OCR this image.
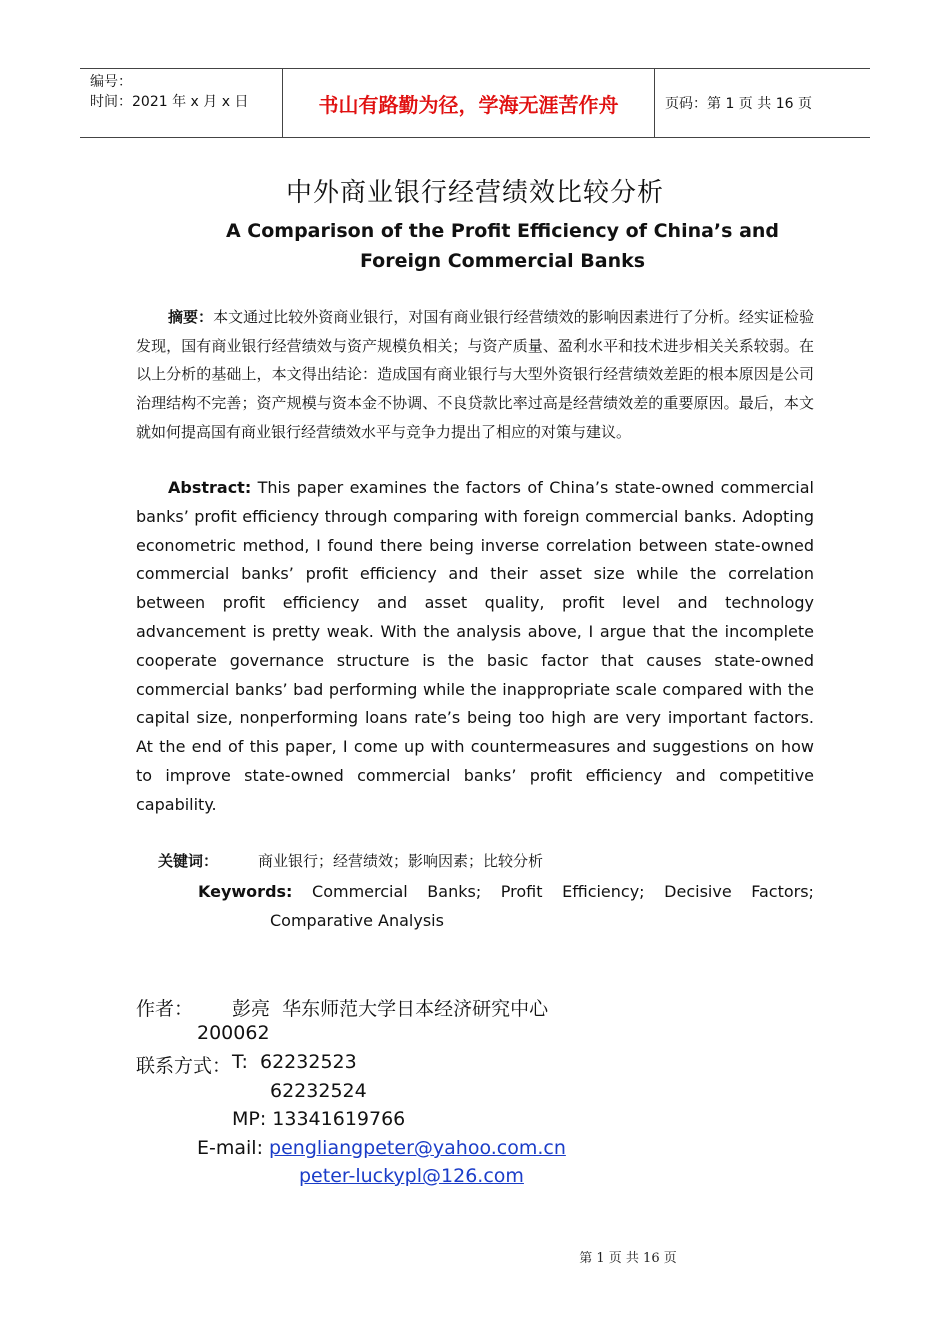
编号：
时间：2021 年 x 月 x 日	书山有路勤为径，学海无涯苦作舟	页码：第 1 页 共 16 页
中外商业银行经营绩效比较分析
A Comparison of the Profit Efficiency of China’s and
Foreign Commercial Banks
摘要：本文通过比较外资商业银行，对国有商业银行经营绩效的影响因素进行了分析。经实证检验发现，国有商业银行经营绩效与资产规模负相关；与资产质量、盈利水平和技术进步相关关系较弱。在以上分析的基础上，本文得出结论：造成国有商业银行与大型外资银行经营绩效差距的根本原因是公司治理结构不完善；资产规模与资本金不协调、不良贷款比率过高是经营绩效差的重要原因。最后，本文就如何提高国有商业银行经营绩效水平与竞争力提出了相应的对策与建议。
Abstract: This paper examines the factors of China’s state-owned commercial banks’ profit efficiency through comparing with foreign commercial banks. Adopting econometric method, I found there being inverse correlation between state-owned commercial banks’ profit efficiency and their asset size while the correlation between profit efficiency and asset quality, profit level and technology advancement is pretty weak. With the analysis above, I argue that the incomplete cooperate governance structure is the basic factor that causes state-owned commercial banks’ bad performing while the inappropriate scale compared with the capital size, nonperforming loans rate’s being too high are very important factors. At the end of this paper, I come up with countermeasures and suggestions on how to improve state-owned commercial banks’ profit efficiency and competitive capability.
关键词：	商业银行；经营绩效；影响因素；比较分析
Keywords: Commercial Banks; Profit Efficiency; Decisive Factors;
Comparative Analysis
作者： 彭亮 华东师范大学日本经济研究中心
200062
联系方式： T: 62232523
62232524
MP: 13341619766
E-mail: pengliangpeter@yahoo.com.cn
peter-luckypl@126.com
第 1 页 共 16 页
